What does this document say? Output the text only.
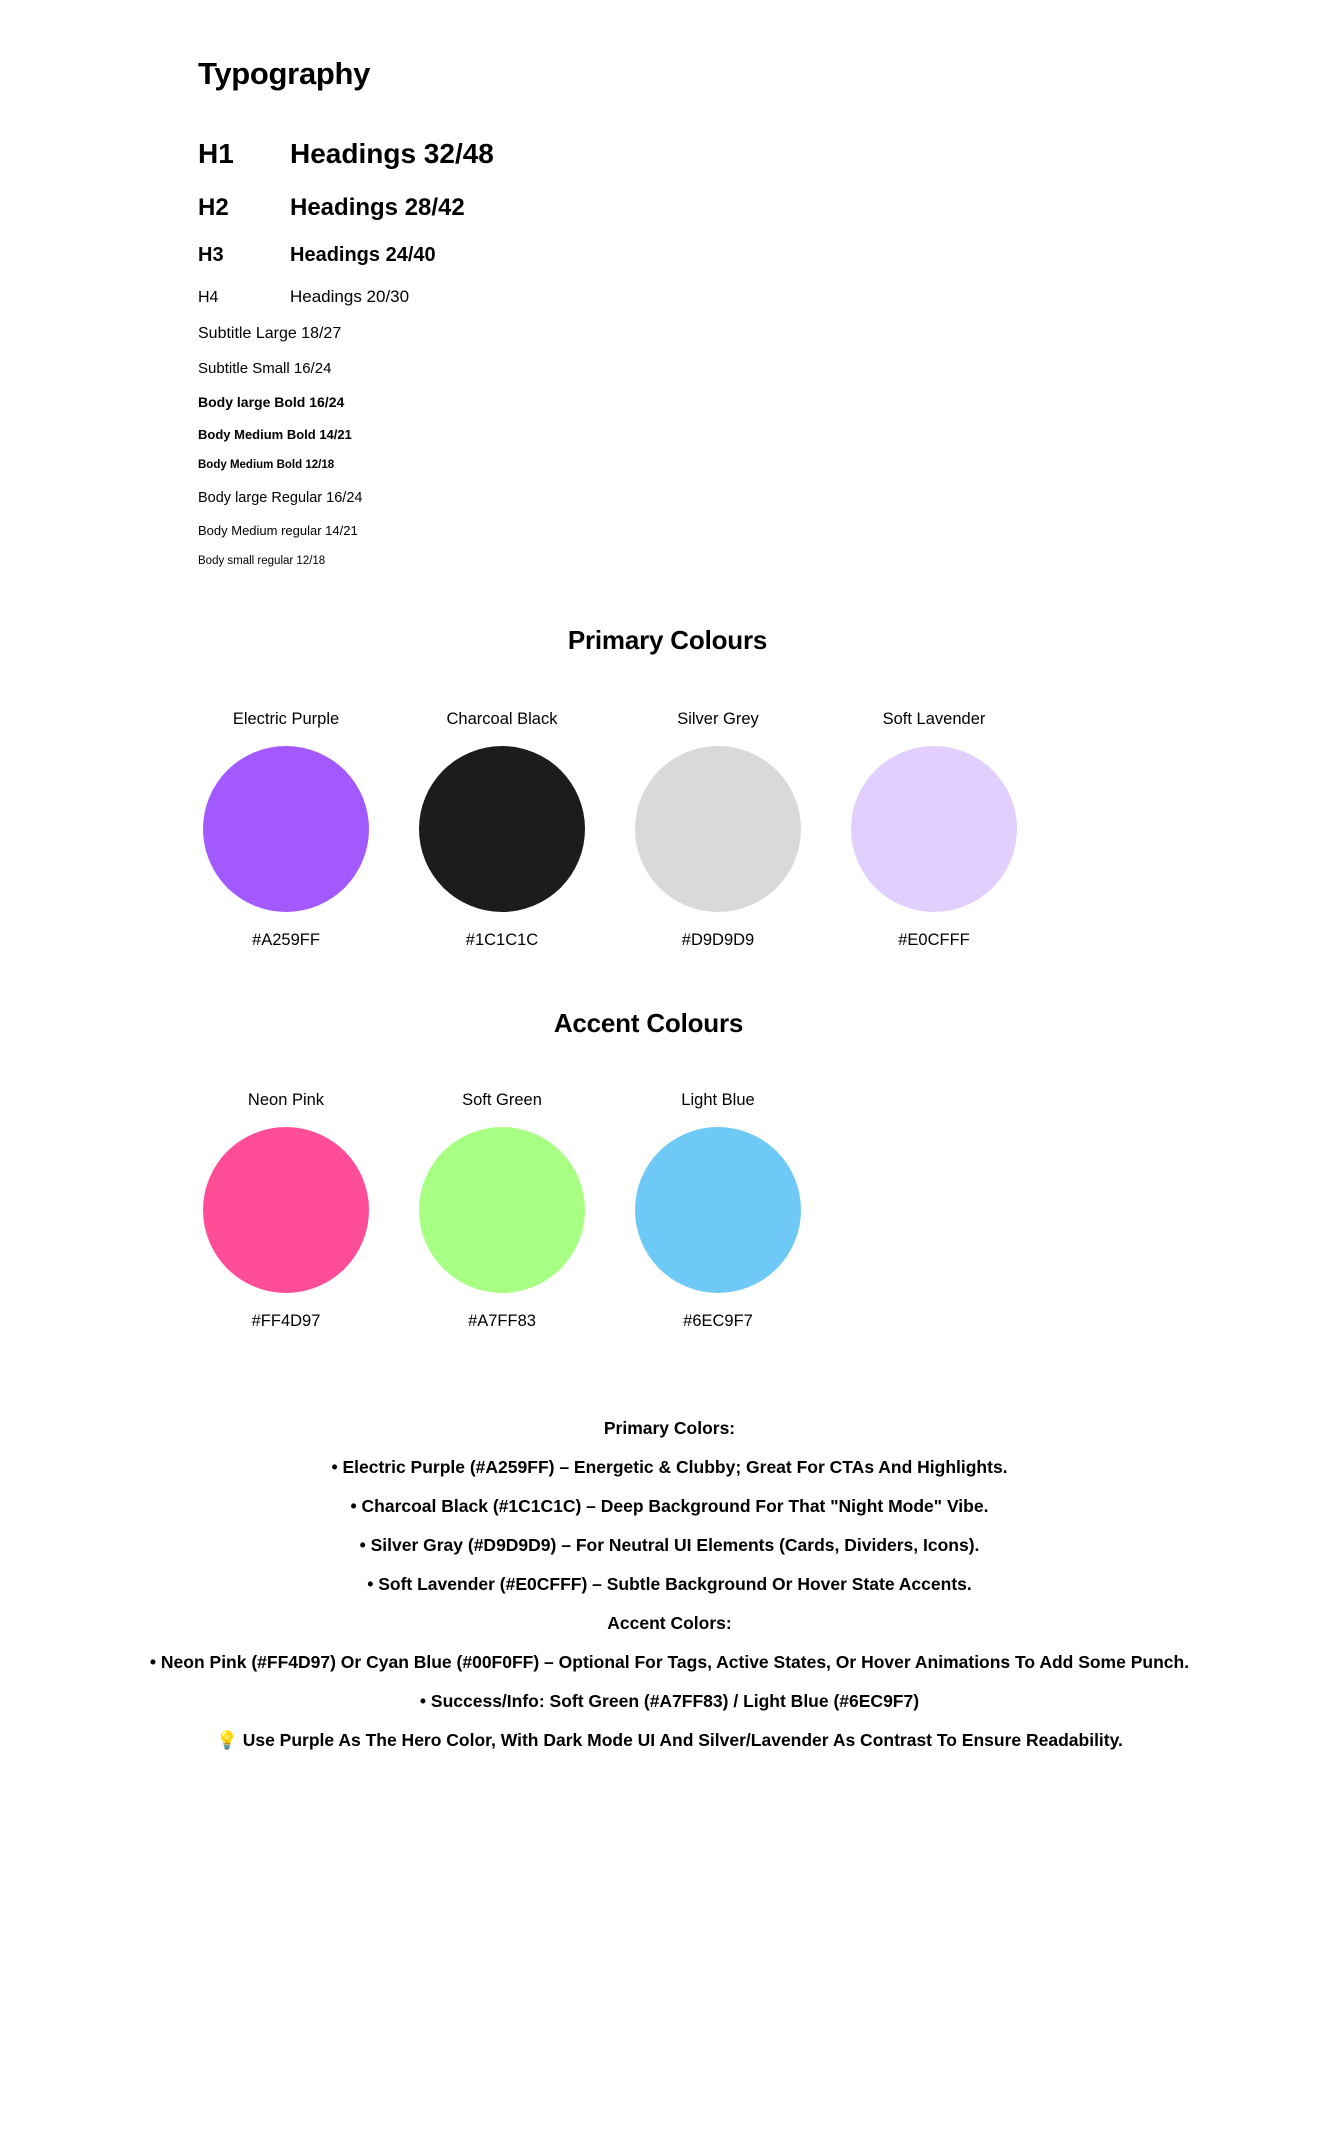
Typography
H1	Headings 32/48
H2	Headings 28/42
H3	Headings 24/40
H4	Headings 20/30
Subtitle Large 18/27
Subtitle Small 16/24
Body large Bold 16/24
Body Medium Bold 14/21
Body Medium Bold 12/18
Body large Regular 16/24
Body Medium regular 14/21
Body small regular 12/18
Primary Colours
Electric Purple
#A259FF
Charcoal Black
#1C1C1C
Silver Grey
#D9D9D9
Soft Lavender
#E0CFFF
Accent Colours
Neon Pink
#FF4D97
Soft Green
#A7FF83
Light Blue
#6EC9F7

Primary Colors:

• Electric Purple (#A259FF) – Energetic & Clubby; Great For CTAs And Highlights.

• Charcoal Black (#1C1C1C) – Deep Background For That "Night Mode" Vibe.

• Silver Gray (#D9D9D9) – For Neutral UI Elements (Cards, Dividers, Icons).

• Soft Lavender (#E0CFFF) – Subtle Background Or Hover State Accents.

Accent Colors:

• Neon Pink (#FF4D97) Or Cyan Blue (#00F0FF) – Optional For Tags, Active States, Or Hover Animations To Add Some Punch.

• Success/Info: Soft Green (#A7FF83) / Light Blue (#6EC9F7)

💡 Use Purple As The Hero Color, With Dark Mode UI And Silver/Lavender As Contrast To Ensure Readability.
